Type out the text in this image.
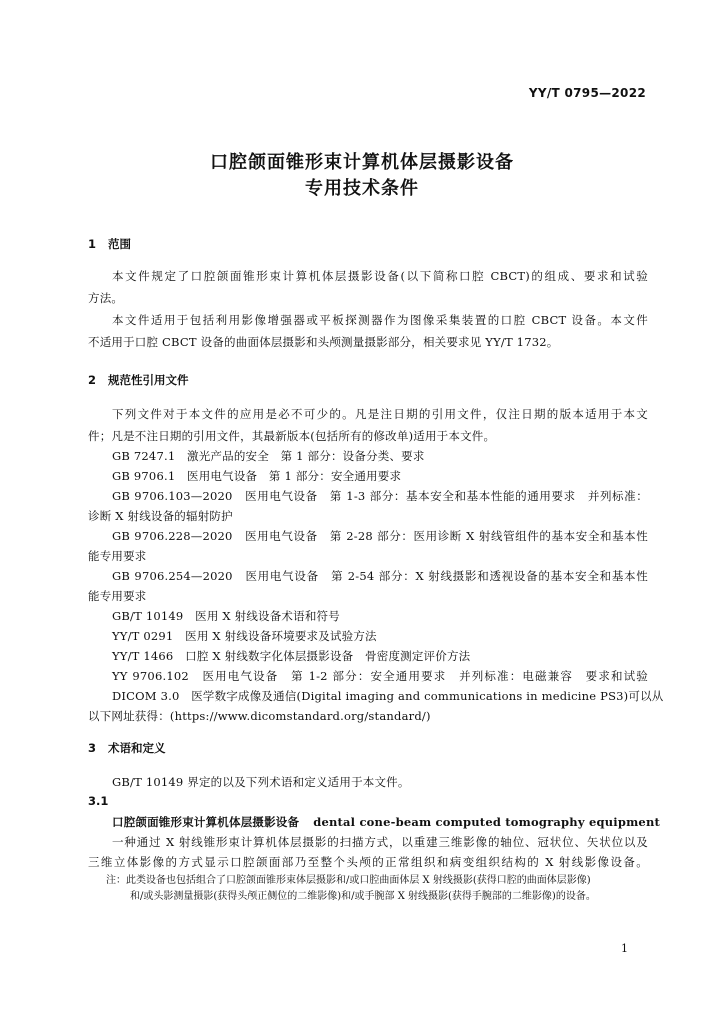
YY/T 0795—2022
口腔颌面锥形束计算机体层摄影设备
专用技术条件
1 范围
本文件规定了口腔颌面锥形束计算机体层摄影设备(以下简称口腔 CBCT)的组成、要求和试验
方法。
本文件适用于包括利用影像增强器或平板探测器作为图像采集装置的口腔 CBCT 设备。本文件
不适用于口腔 CBCT 设备的曲面体层摄影和头颅测量摄影部分，相关要求见 YY/T 1732。
2 规范性引用文件
下列文件对于本文件的应用是必不可少的。凡是注日期的引用文件，仅注日期的版本适用于本文
件；凡是不注日期的引用文件，其最新版本(包括所有的修改单)适用于本文件。
GB 7247.1　激光产品的安全　第 1 部分：设备分类、要求
GB 9706.1　医用电气设备　第 1 部分：安全通用要求
GB 9706.103—2020　医用电气设备　第 1-3 部分：基本安全和基本性能的通用要求　并列标准：
诊断 X 射线设备的辐射防护
GB 9706.228—2020　医用电气设备　第 2-28 部分：医用诊断 X 射线管组件的基本安全和基本性
能专用要求
GB 9706.254—2020　医用电气设备　第 2-54 部分：X 射线摄影和透视设备的基本安全和基本性
能专用要求
GB/T 10149　医用 X 射线设备术语和符号
YY/T 0291　医用 X 射线设备环境要求及试验方法
YY/T 1466　口腔 X 射线数字化体层摄影设备　骨密度测定评价方法
YY 9706.102　医用电气设备　第 1-2 部分：安全通用要求　并列标准：电磁兼容　要求和试验
DICOM 3.0　医学数字成像及通信(Digital imaging and communications in medicine PS3)可以从
以下网址获得：(https://www.dicomstandard.org/standard/)
3 术语和定义
GB/T 10149 界定的以及下列术语和定义适用于本文件。
3.1
口腔颌面锥形束计算机体层摄影设备 dental cone-beam computed tomography equipment
一种通过 X 射线锥形束计算机体层摄影的扫描方式，以重建三维影像的轴位、冠状位、矢状位以及
三维立体影像的方式显示口腔颌面部乃至整个头颅的正常组织和病变组织结构的 X 射线影像设备。
注：此类设备也包括组合了口腔颌面锥形束体层摄影和/或口腔曲面体层 X 射线摄影(获得口腔的曲面体层影像)
和/或头影测量摄影(获得头颅正侧位的二维影像)和/或手腕部 X 射线摄影(获得手腕部的二维影像)的设备。
1
